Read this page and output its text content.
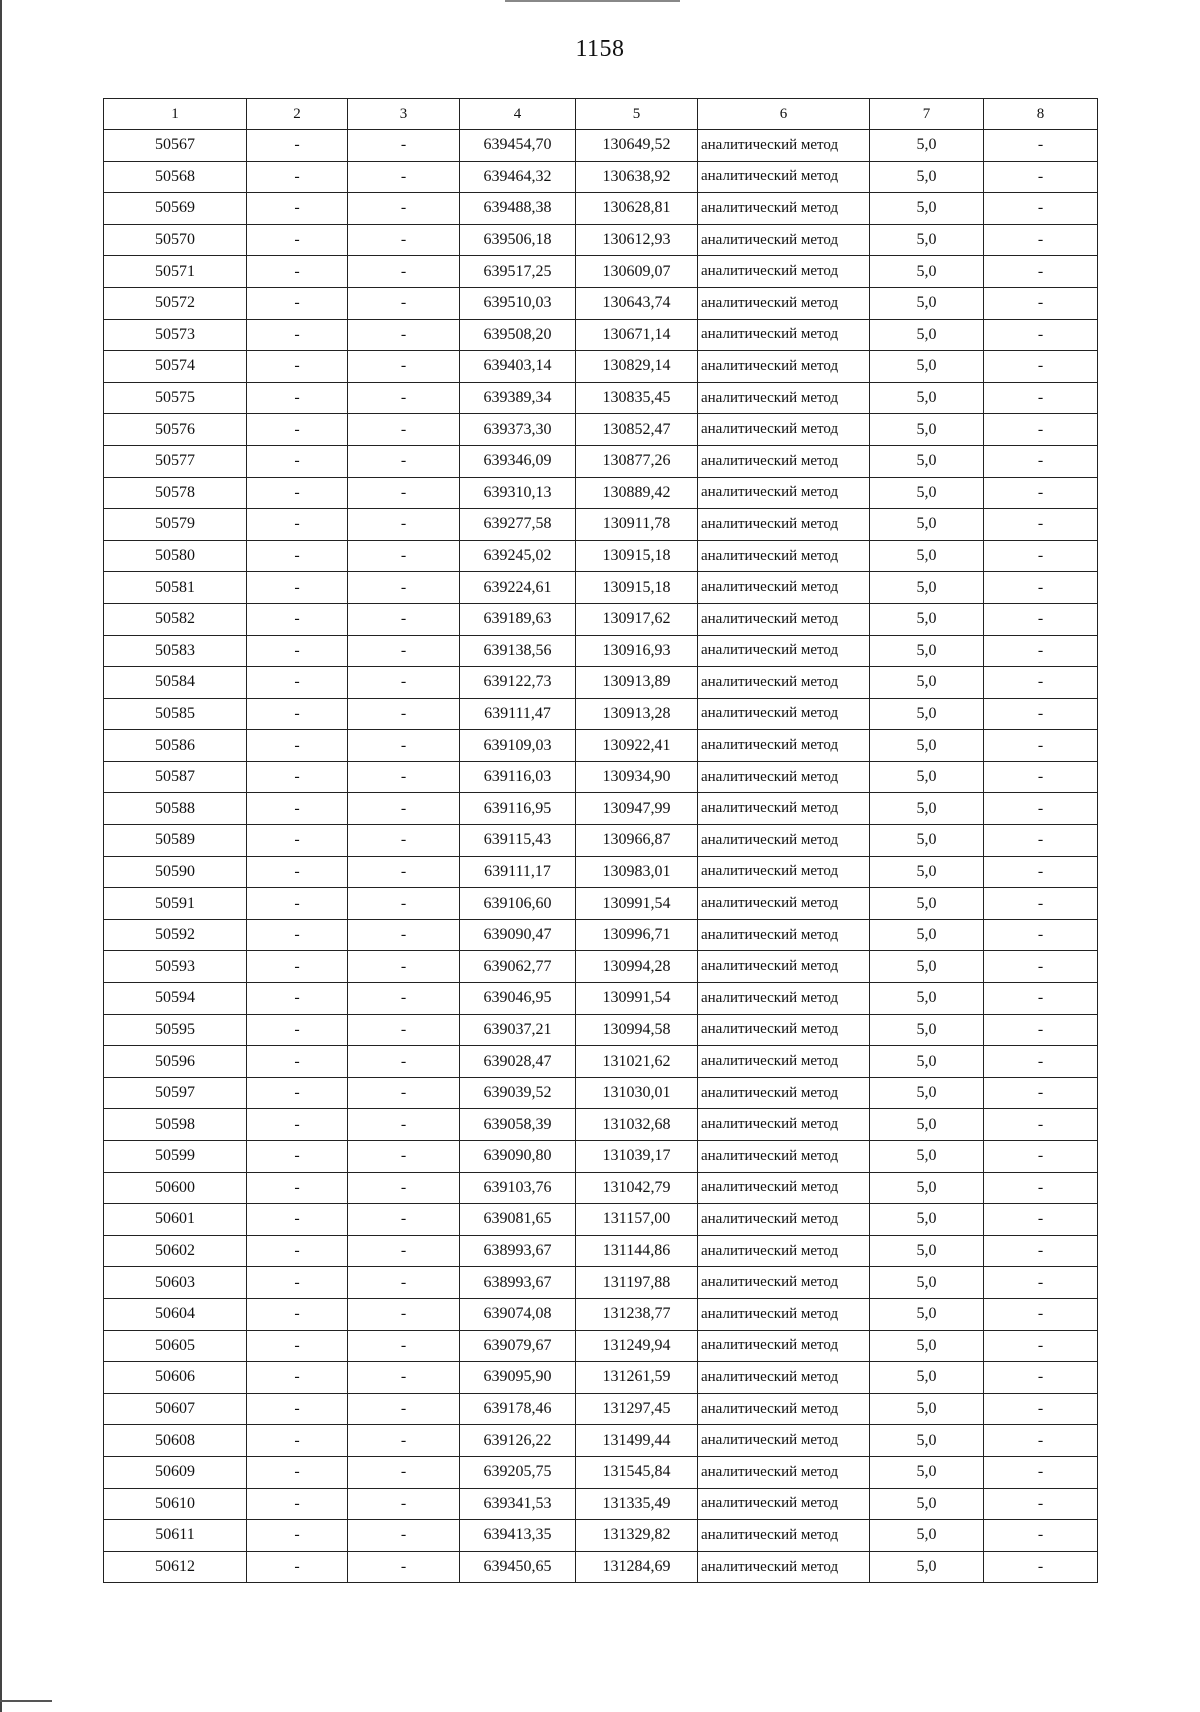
1158
1	2	3	4	5	6	7	8
50567	-	-	639454,70	130649,52	аналитический метод	5,0	-
50568	-	-	639464,32	130638,92	аналитический метод	5,0	-
50569	-	-	639488,38	130628,81	аналитический метод	5,0	-
50570	-	-	639506,18	130612,93	аналитический метод	5,0	-
50571	-	-	639517,25	130609,07	аналитический метод	5,0	-
50572	-	-	639510,03	130643,74	аналитический метод	5,0	-
50573	-	-	639508,20	130671,14	аналитический метод	5,0	-
50574	-	-	639403,14	130829,14	аналитический метод	5,0	-
50575	-	-	639389,34	130835,45	аналитический метод	5,0	-
50576	-	-	639373,30	130852,47	аналитический метод	5,0	-
50577	-	-	639346,09	130877,26	аналитический метод	5,0	-
50578	-	-	639310,13	130889,42	аналитический метод	5,0	-
50579	-	-	639277,58	130911,78	аналитический метод	5,0	-
50580	-	-	639245,02	130915,18	аналитический метод	5,0	-
50581	-	-	639224,61	130915,18	аналитический метод	5,0	-
50582	-	-	639189,63	130917,62	аналитический метод	5,0	-
50583	-	-	639138,56	130916,93	аналитический метод	5,0	-
50584	-	-	639122,73	130913,89	аналитический метод	5,0	-
50585	-	-	639111,47	130913,28	аналитический метод	5,0	-
50586	-	-	639109,03	130922,41	аналитический метод	5,0	-
50587	-	-	639116,03	130934,90	аналитический метод	5,0	-
50588	-	-	639116,95	130947,99	аналитический метод	5,0	-
50589	-	-	639115,43	130966,87	аналитический метод	5,0	-
50590	-	-	639111,17	130983,01	аналитический метод	5,0	-
50591	-	-	639106,60	130991,54	аналитический метод	5,0	-
50592	-	-	639090,47	130996,71	аналитический метод	5,0	-
50593	-	-	639062,77	130994,28	аналитический метод	5,0	-
50594	-	-	639046,95	130991,54	аналитический метод	5,0	-
50595	-	-	639037,21	130994,58	аналитический метод	5,0	-
50596	-	-	639028,47	131021,62	аналитический метод	5,0	-
50597	-	-	639039,52	131030,01	аналитический метод	5,0	-
50598	-	-	639058,39	131032,68	аналитический метод	5,0	-
50599	-	-	639090,80	131039,17	аналитический метод	5,0	-
50600	-	-	639103,76	131042,79	аналитический метод	5,0	-
50601	-	-	639081,65	131157,00	аналитический метод	5,0	-
50602	-	-	638993,67	131144,86	аналитический метод	5,0	-
50603	-	-	638993,67	131197,88	аналитический метод	5,0	-
50604	-	-	639074,08	131238,77	аналитический метод	5,0	-
50605	-	-	639079,67	131249,94	аналитический метод	5,0	-
50606	-	-	639095,90	131261,59	аналитический метод	5,0	-
50607	-	-	639178,46	131297,45	аналитический метод	5,0	-
50608	-	-	639126,22	131499,44	аналитический метод	5,0	-
50609	-	-	639205,75	131545,84	аналитический метод	5,0	-
50610	-	-	639341,53	131335,49	аналитический метод	5,0	-
50611	-	-	639413,35	131329,82	аналитический метод	5,0	-
50612	-	-	639450,65	131284,69	аналитический метод	5,0	-
